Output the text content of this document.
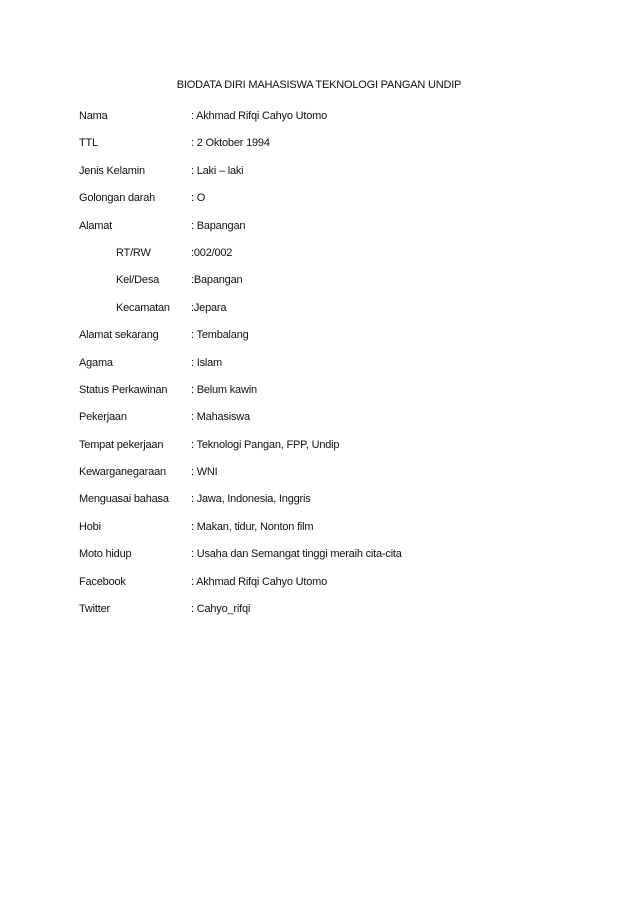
BIODATA DIRI MAHASISWA TEKNOLOGI PANGAN UNDIP
Nama	: Akhmad Rifqi Cahyo Utomo
TTL	: 2 Oktober 1994
Jenis Kelamin	: Laki – laki
Golongan darah	: O
Alamat	: Bapangan
RT/RW	:002/002
Kel/Desa	:Bapangan
Kecamatan :Jepara
Alamat sekarang	: Tembalang
Agama	: Islam
Status Perkawinan : Belum kawin
Pekerjaan	: Mahasiswa
Tempat pekerjaan	: Teknologi Pangan, FPP, Undip
Kewarganegaraan : WNI
Menguasai bahasa : Jawa, Indonesia, Inggris
Hobi	: Makan, tidur, Nonton film
Moto hidup	: Usaha dan Semangat tinggi meraih cita-cita
Facebook	: Akhmad Rifqi Cahyo Utomo
Twitter	: Cahyo_rifqi
